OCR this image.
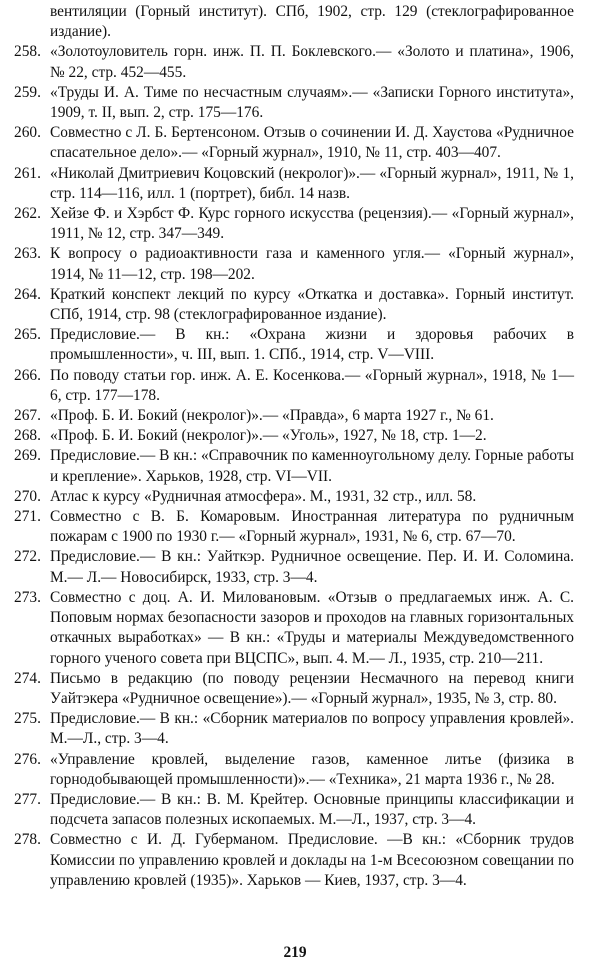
вентиляции (Горный институт). СПб, 1902, стр. 129 (стеклографированное издание).

258. «Золотоуловитель горн. инж. П. П. Боклевского.— «Золото и платина», 1906, № 22, стр. 452—455.
259. «Труды И. А. Тиме по несчастным случаям».— «Записки Горного института», 1909, т. II, вып. 2, стр. 175—176.
260. Совместно с Л. Б. Бертенсоном. Отзыв о сочинении И. Д. Хаустова «Рудничное спасательное дело».— «Горный журнал», 1910, № 11, стр. 403—407.
261. «Николай Дмитриевич Коцовский (некролог)».— «Горный журнал», 1911, № 1, стр. 114—116, илл. 1 (портрет), библ. 14 назв.
262. Хейзе Ф. и Хэрбст Ф. Курс горного искусства (рецензия).— «Горный журнал», 1911, № 12, стр. 347—349.
263. К вопросу о радиоактивности газа и каменного угля.— «Горный журнал», 1914, № 11—12, стр. 198—202.
264. Краткий конспект лекций по курсу «Откатка и доставка». Горный институт. СПб, 1914, стр. 98 (стеклографированное издание).
265. Предисловие.— В кн.: «Охрана жизни и здоровья рабочих в промышленности», ч. III, вып. 1. СПб., 1914, стр. V—VIII.
266. По поводу статьи гор. инж. А. Е. Косенкова.— «Горный журнал», 1918, № 1—6, стр. 177—178.
267. «Проф. Б. И. Бокий (некролог)».— «Правда», 6 марта 1927 г., № 61.
268. «Проф. Б. И. Бокий (некролог)».— «Уголь», 1927, № 18, стр. 1—2.
269. Предисловие.— В кн.: «Справочник по каменноугольному делу. Горные работы и крепление». Харьков, 1928, стр. VI—VII.
270. Атлас к курсу «Рудничная атмосфера». М., 1931, 32 стр., илл. 58.
271. Совместно с В. Б. Комаровым. Иностранная литература по рудничным пожарам с 1900 по 1930 г.— «Горный журнал», 1931, № 6, стр. 67—70.
272. Предисловие.— В кн.: Уайткэр. Рудничное освещение. Пер. И. И. Соломина. М.— Л.— Новосибирск, 1933, стр. 3—4.
273. Совместно с доц. А. И. Миловановым. «Отзыв о предлагаемых инж. А. С. Поповым нормах безопасности зазоров и проходов на главных горизонтальных откачных выработках» — В кн.: «Труды и материалы Междуведомственного горного ученого совета при ВЦСПС», вып. 4. М.— Л., 1935, стр. 210—211.
274. Письмо в редакцию (по поводу рецензии Несмачного на перевод книги Уайтэкера «Рудничное освещение»).— «Горный журнал», 1935, № 3, стр. 80.
275. Предисловие.— В кн.: «Сборник материалов по вопросу управления кровлей». М.—Л., стр. 3—4.
276. «Управление кровлей, выделение газов, каменное литье (физика в горнодобывающей промышленности)».— «Техника», 21 марта 1936 г., № 28.
277. Предисловие.— В кн.: В. М. Крейтер. Основные принципы классификации и подсчета запасов полезных ископаемых. М.—Л., 1937, стр. 3—4.
278. Совместно с И. Д. Губерманом. Предисловие. —В кн.: «Сборник трудов Комиссии по управлению кровлей и доклады на 1-м Всесоюзном совещании по управлению кровлей (1935)». Харьков — Киев, 1937, стр. 3—4.
219
